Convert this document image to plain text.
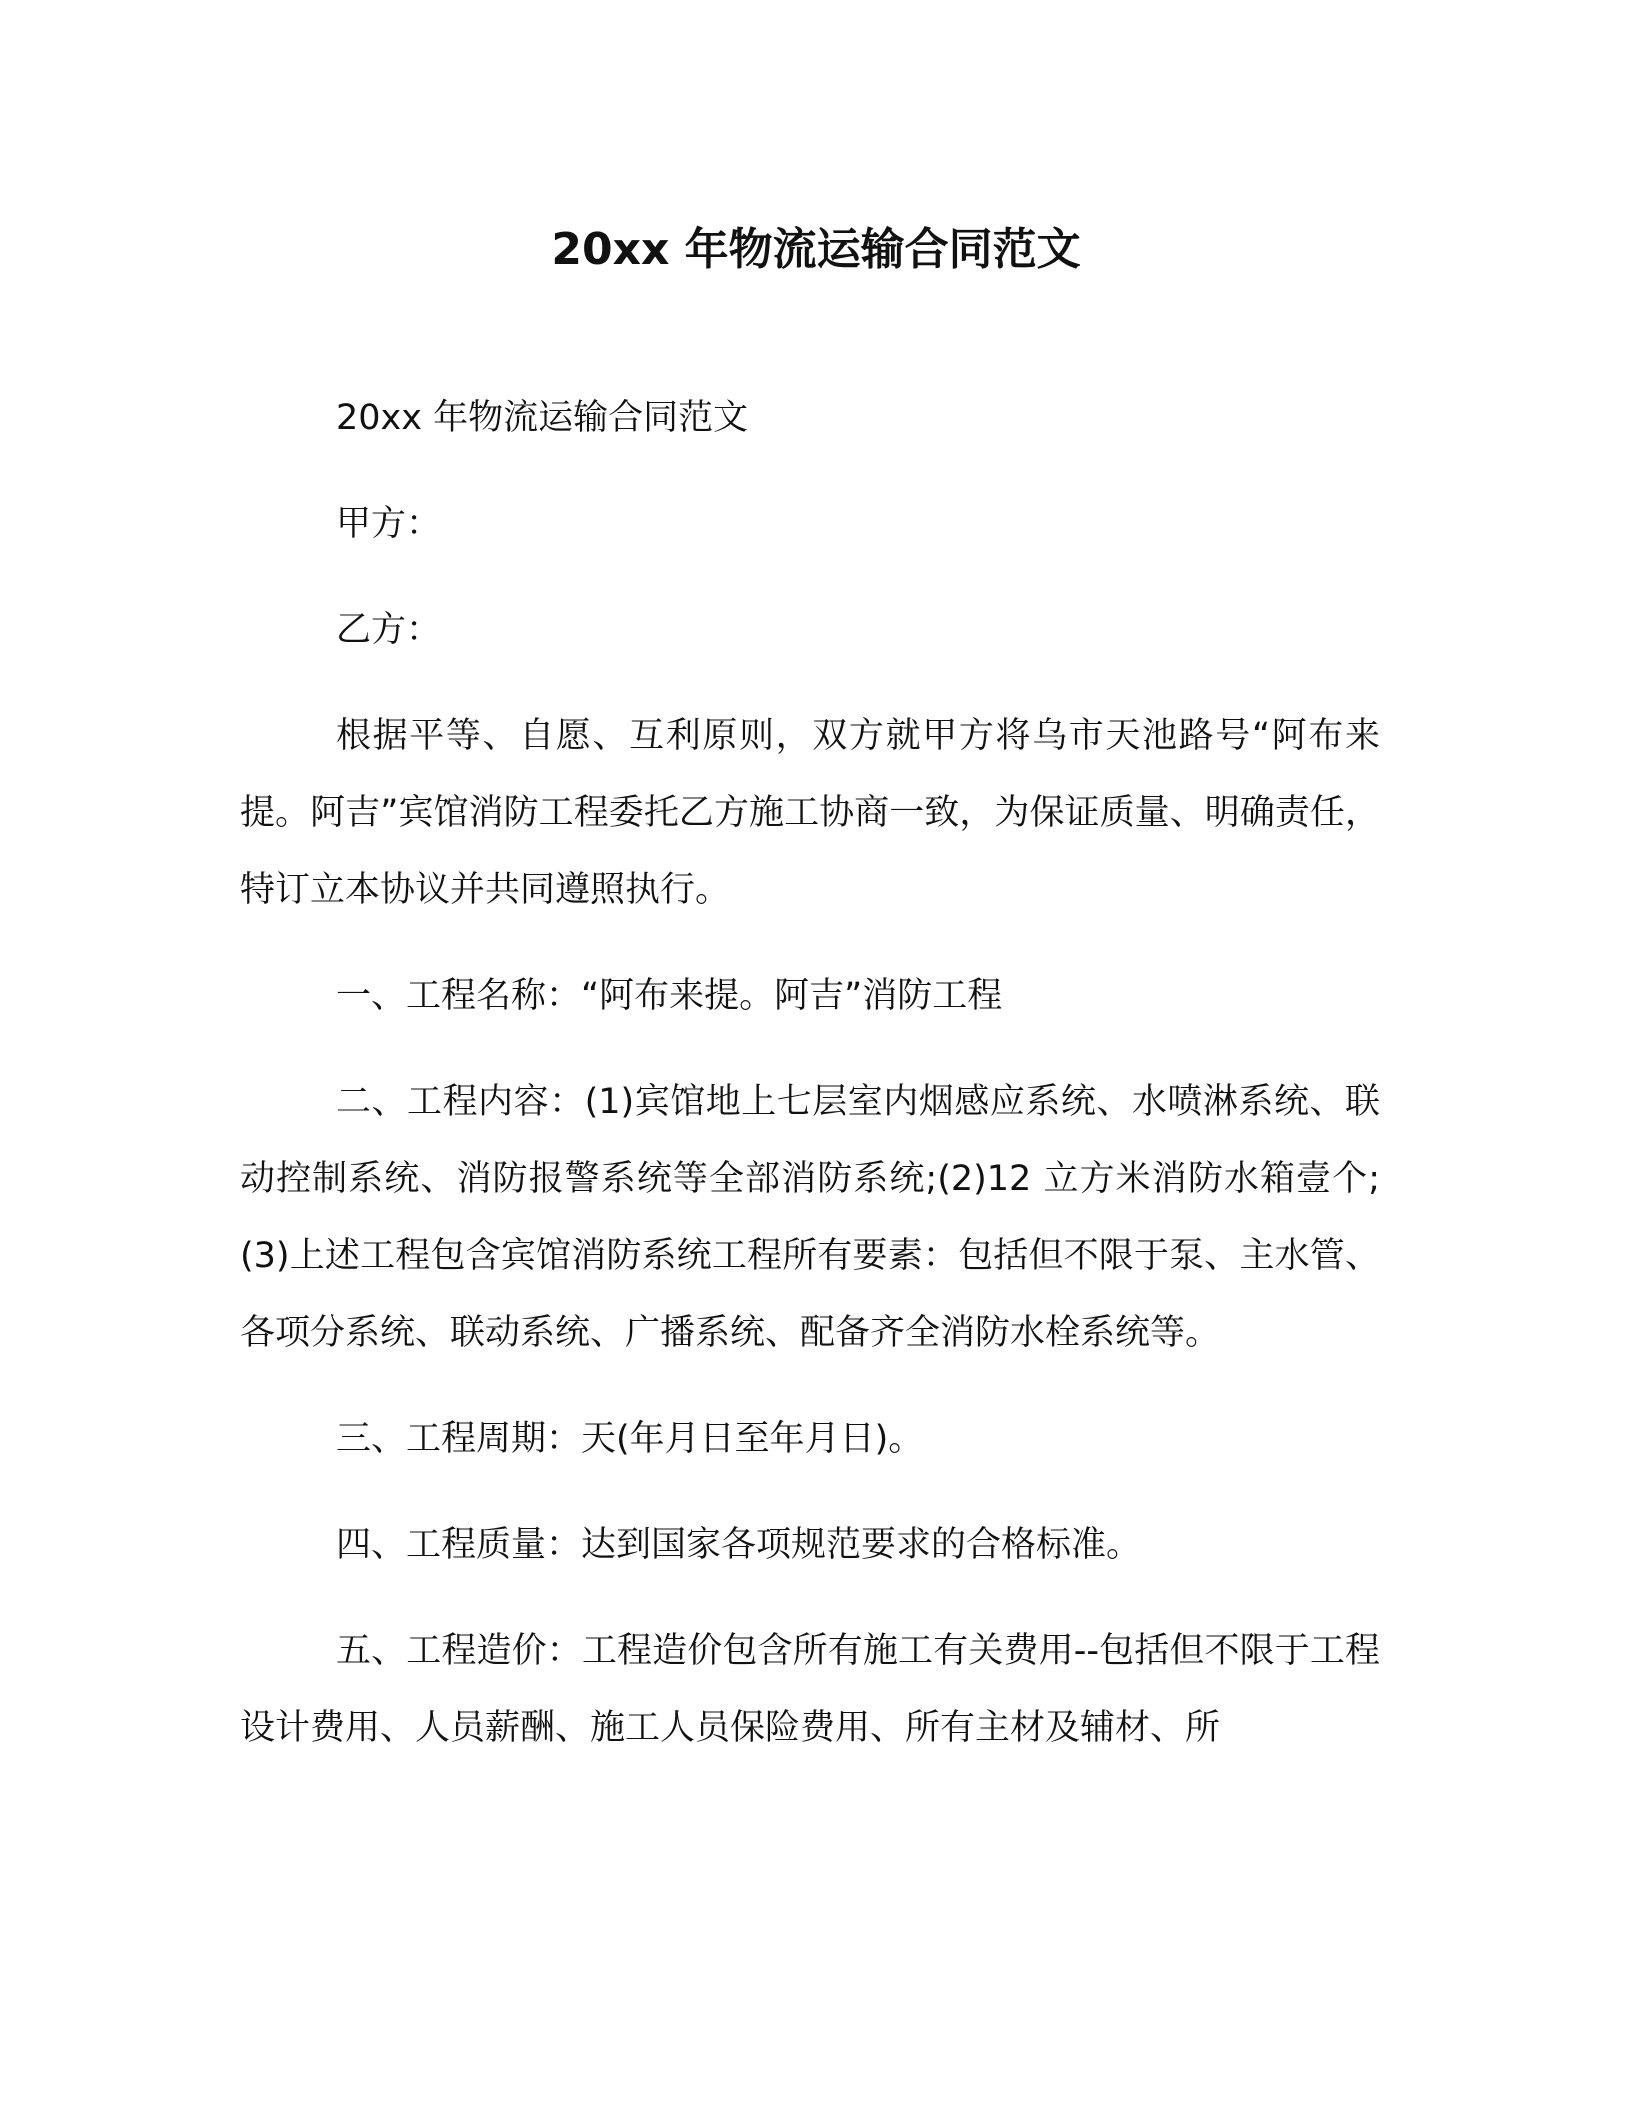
20xx 年物流运输合同范文

20xx 年物流运输合同范文

甲方：

乙方：

根据平等、自愿、互利原则，双方就甲方将乌市天池路号“阿布来提。阿吉”宾馆消防工程委托乙方施工协商一致，为保证质量、明确责任，特订立本协议并共同遵照执行。

一、工程名称：“阿布来提。阿吉”消防工程

二、工程内容：(1)宾馆地上七层室内烟感应系统、水喷淋系统、联动控制系统、消防报警系统等全部消防系统;(2)12 立方米消防水箱壹个;(3)上述工程包含宾馆消防系统工程所有要素：包括但不限于泵、主水管、各项分系统、联动系统、广播系统、配备齐全消防水栓系统等。

三、工程周期：天(年月日至年月日)。

四、工程质量：达到国家各项规范要求的合格标准。

五、工程造价：工程造价包含所有施工有关费用--包括但不限于工程设计费用、人员薪酬、施工人员保险费用、所有主材及辅材、所
